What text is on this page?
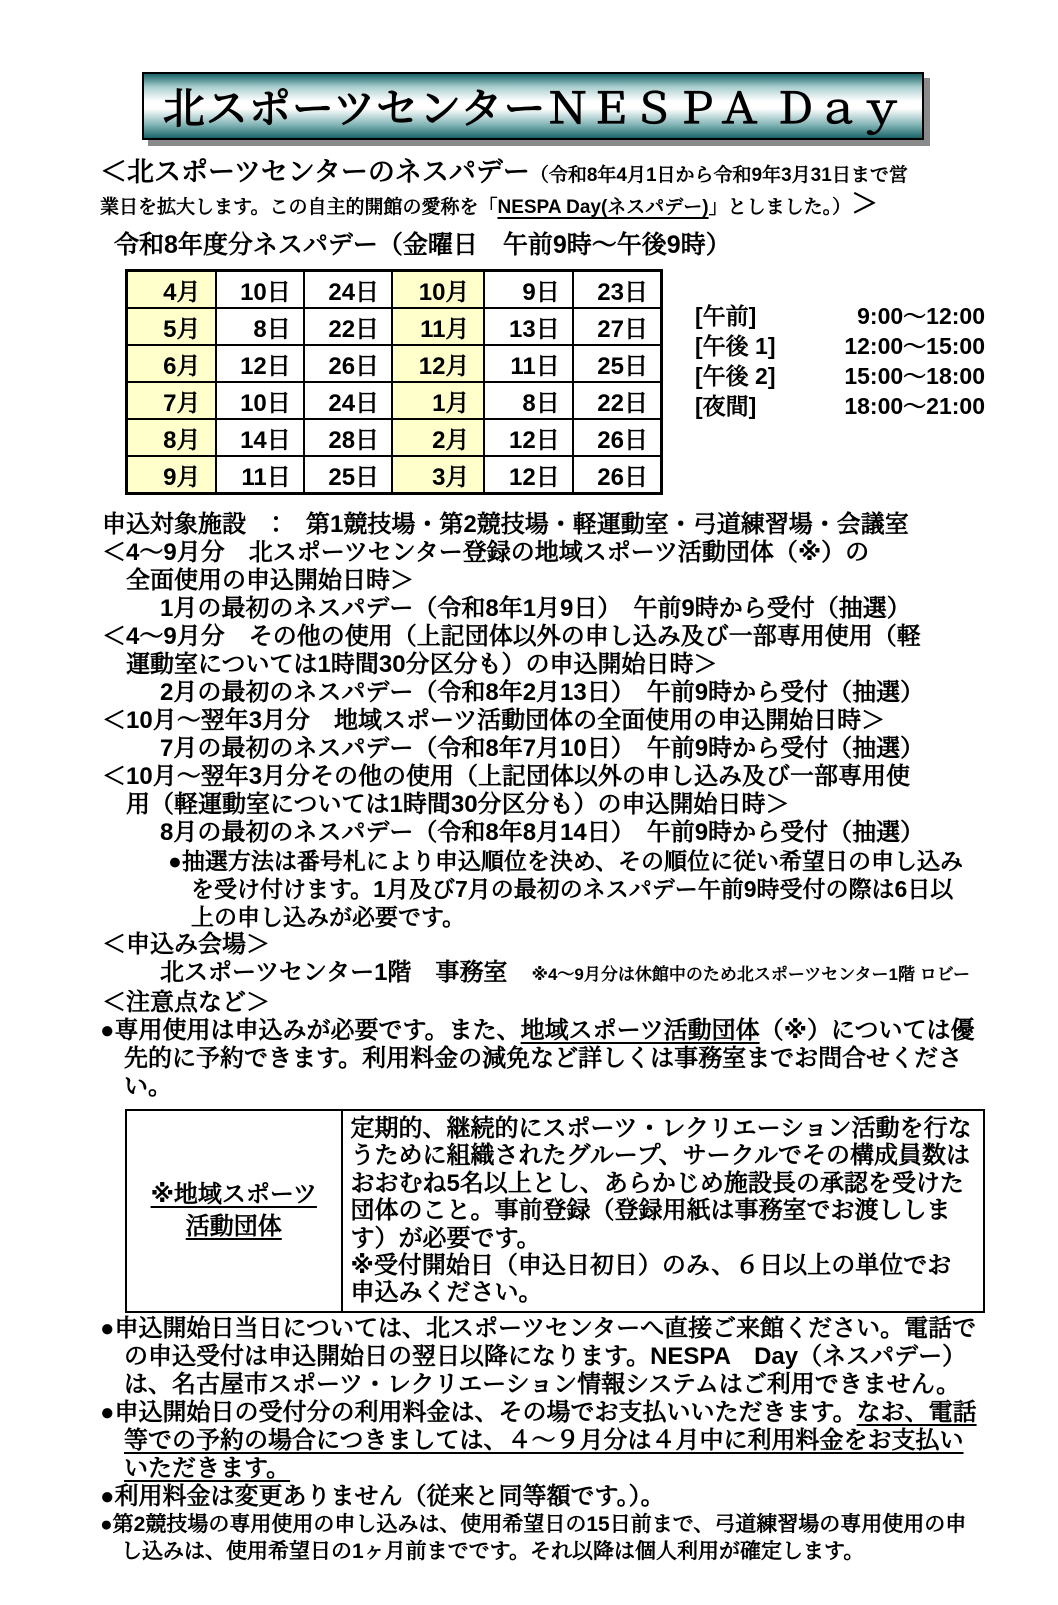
北スポーツセンターＮＥＳＰＡ Ｄａｙ
＜北スポーツセンターのネスパデー（令和8年4月1日から令和9年3月31日まで営
業日を拡大します。この自主的開館の愛称を「NESPA Day(ネスパデー)」としました。）＞
令和8年度分ネスパデー（金曜日　午前9時～午後9時）
4月	10日	24日	10月	9日	23日
5月	8日	22日	11月	13日	27日
6月	12日	26日	12月	11日	25日
7月	10日	24日	1月	8日	22日
8月	14日	28日	2月	12日	26日
9月	11日	25日	3月	12日	26日
[午前]	9:00～12:00
[午後 1]	12:00～15:00
[午後 2]	15:00～18:00
[夜間]	18:00～21:00
申込対象施設　：　第1競技場・第2競技場・軽運動室・弓道練習場・会議室
＜4～9月分　北スポーツセンター登録の地域スポーツ活動団体（※）の
全面使用の申込開始日時＞
1月の最初のネスパデー（令和8年1月9日）　午前9時から受付（抽選）
＜4～9月分　その他の使用（上記団体以外の申し込み及び一部専用使用（軽
運動室については1時間30分区分も）の申込開始日時＞
2月の最初のネスパデー（令和8年2月13日）　午前9時から受付（抽選）
＜10月～翌年3月分　地域スポーツ活動団体の全面使用の申込開始日時＞
7月の最初のネスパデー（令和8年7月10日）　午前9時から受付（抽選）
＜10月～翌年3月分その他の使用（上記団体以外の申し込み及び一部専用使
用（軽運動室については1時間30分区分も）の申込開始日時＞
8月の最初のネスパデー（令和8年8月14日）　午前9時から受付（抽選）
●抽選方法は番号札により申込順位を決め、その順位に従い希望日の申し込み
を受け付けます。1月及び7月の最初のネスパデー午前9時受付の際は6日以
上の申し込みが必要です。
＜申込み会場＞
北スポーツセンター1階　事務室　※4～9月分は休館中のため北スポーツセンター1階 ロビー
＜注意点など＞
●専用使用は申込みが必要です。また、地域スポーツ活動団体（※）については優先的に予約できます。利用料金の減免など詳しくは事務室までお問合せください。
※地域スポーツ
活動団体

定期的、継続的にスポーツ・レクリエーション活動を行なうために組織されたグループ、サークルでその構成員数はおおむね5名以上とし、あらかじめ施設長の承認を受けた団体のこと。事前登録（登録用紙は事務室でお渡しします）が必要です。
※受付開始日（申込日初日）のみ、６日以上の単位でお申込みください。
●申込開始日当日については、北スポーツセンターへ直接ご来館ください。電話での申込受付は申込開始日の翌日以降になります。NESPA　Day（ネスパデー）は、名古屋市スポーツ・レクリエーション情報システムはご利用できません。
●申込開始日の受付分の利用料金は、その場でお支払いいただきます。なお、電話等での予約の場合につきましては、４～９月分は４月中に利用料金をお支払いいただきます。
●利用料金は変更ありません（従来と同等額です。）。
●第2競技場の専用使用の申し込みは、使用希望日の15日前まで、弓道練習場の専用使用の申し込みは、使用希望日の1ヶ月前までです。それ以降は個人利用が確定します。
